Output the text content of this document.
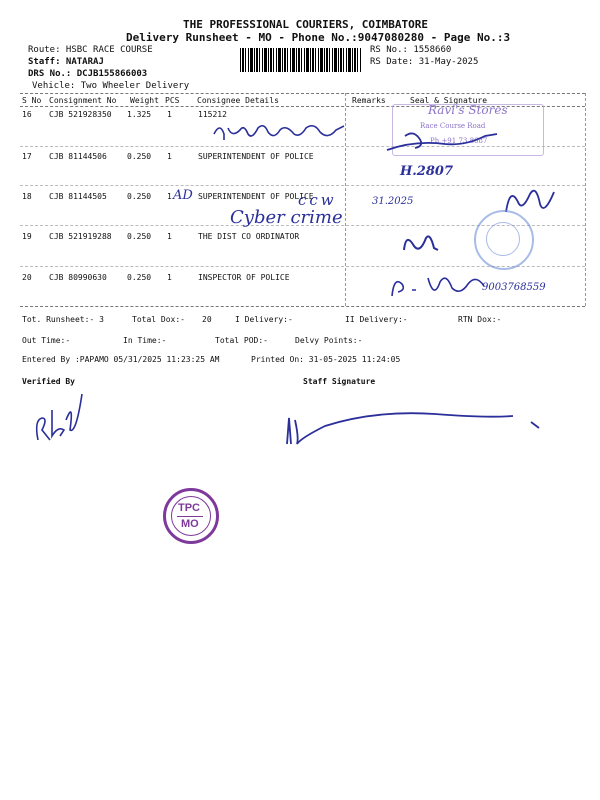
THE PROFESSIONAL COURIERS, COIMBATORE
Delivery Runsheet - MO - Phone No.:9047080280 - Page No.:3
Route: HSBC RACE COURSE
Staff: NATARAJ
DRS No.: DCJB155866003
Vehicle: Two Wheeler Delivery
RS No.: 1558660
RS Date: 31-May-2025
S No Consignment No Weight PCS Consignee Details	Remarks	Seal & Signature
16 CJB 521928350 1.325 1	115212
17 CJB 81144506	0.250 1	SUPERINTENDENT OF POLICE
18 CJB 81144505	0.250 1	SUPERINTENDENT OF POLICE
19 CJB 521919288 0.250 1	THE DIST CO ORDINATOR
20 CJB 80990630	0.250 1	INSPECTOR OF POLICE
Ravi's Stores
Race Course Road
Ph +91 73 8687
H.2807
AD	ccw
Cyber crime
31.2025
9003768559
Tot. Runsheet:- 3	Total Dox:- 20	I Delivery:-	II Delivery:-	RTN Dox:-
Out Time:-	In Time:-	Total POD:-	Delvy Points:-
Entered By :PAPAMO 05/31/2025 11:23:25 AM	Printed On: 31-05-2025 11:24:05
Verified By	Staff Signature
TPC
MO
